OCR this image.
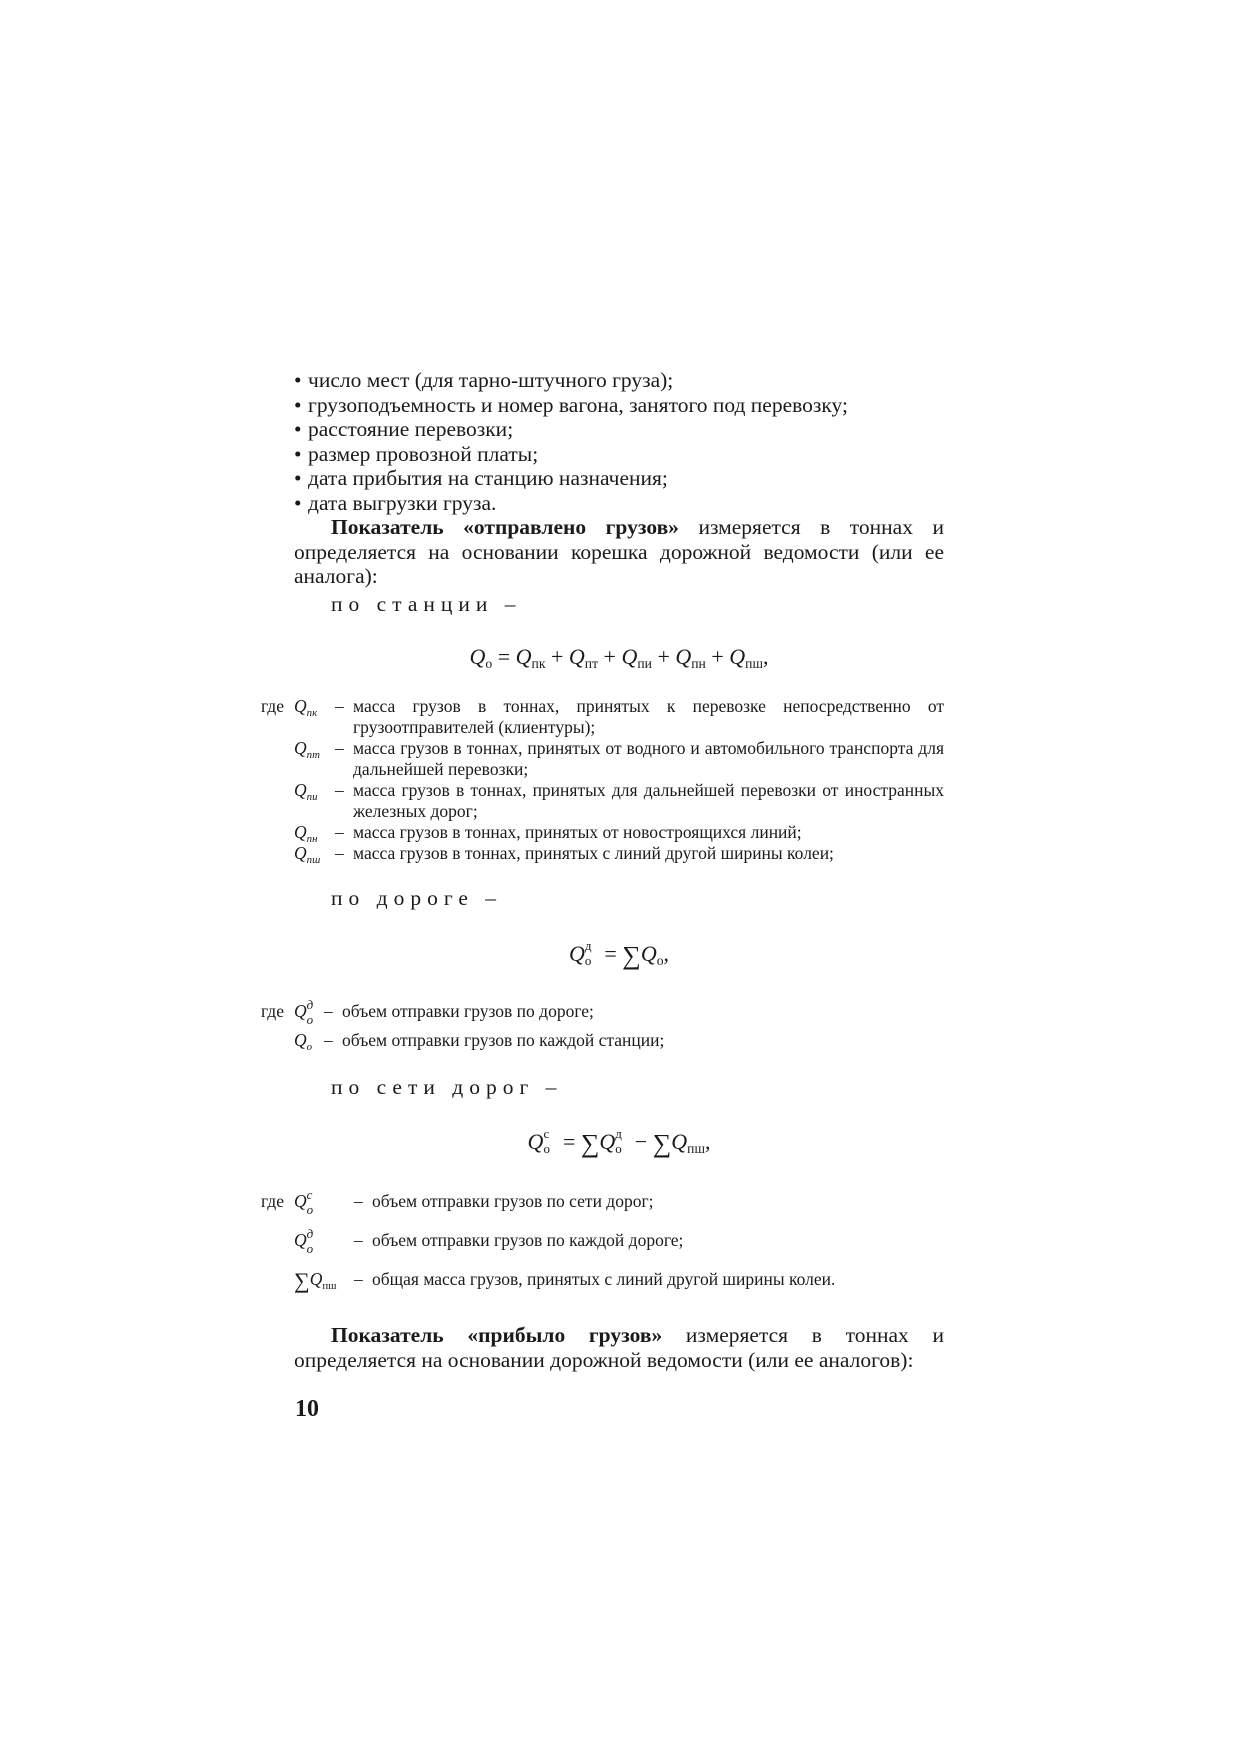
• число мест (для тарно-штучного груза);

• грузоподъемность и номер вагона, занятого под перевозку;

• расстояние перевозки;

• размер провозной платы;

• дата прибытия на станцию назначения;

• дата выгрузки груза.

Показатель «отправлено грузов» измеряется в тоннах и определяется на основании корешка дорожной ведомости (или ее аналога):

по станции –

$Q_о = Q_{пк} + Q_{пт} + Q_{пи} + Q_{пн} + Q_{пш}$,

где $Q_{пк}$	– масса грузов в тоннах, принятых к перевозке непосредственно от грузоотправителей (клиентуры);
$Q_{пт}$ – масса грузов в тоннах, принятых от водного и автомобильного транспорта для дальнейшей перевозки;
$Q_{пи}$	– масса грузов в тоннах, принятых для дальнейшей перевозки от иностранных железных дорог;
$Q_{пн}$	– масса грузов в тоннах, принятых от новостроящихся линий;
$Q_{пш}$ – масса грузов в тоннах, принятых с линий другой ширины колеи;

по дороге –

Q д
$о = \sum Q_о$,

где Q д
о – объем отправки грузов по дороге;
$Q_о$ – объем отправки грузов по каждой станции;

по сети дорог –

Q с
о = ∑Q д
$о - \sum Q_{пш}$,

где Q с
о – объем отправки грузов по сети дорог;
Q д
о – объем отправки грузов по каждой дороге;
$\sum Q_{пш}$	– общая масса грузов, принятых с линий другой ширины колеи.

Показатель «прибыло грузов» измеряется в тоннах и определяется на основании дорожной ведомости (или ее аналогов):

10
